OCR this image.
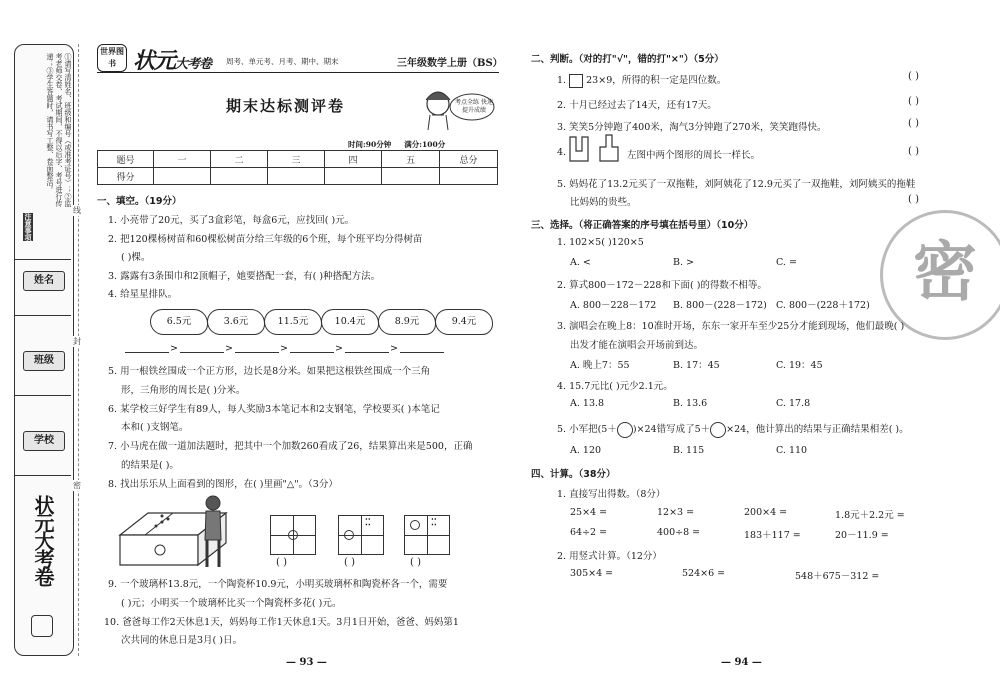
①请写清姓名、班级和编号（或准考证号）；②监考老师交卷、考试期间，不得以后字、考号进行传递；③学生答题时，请书写工整、卷面整洁。
注意事项
姓名
班级
学校
状元大考卷
线
封
密
世界图书 状元大考卷 周考、单元考、月考、期中、期末	三年级数学上册（BS）
期末达标测评卷	考点全练 快速提升成绩
时间:90分钟 满分:100分
题号	一	二	三	四	五	总分
得分						
一、填空。（19分）
1. 小亮带了20元，买了3盒彩笔，每盒6元，应找回( )元。
2. 把120棵杨树苗和60棵松树苗分给三年级的6个班，每个班平均分得树苗
( )棵。
3. 露露有3条围巾和2顶帽子，她要搭配一套，有( )种搭配方法。
4. 给星星排队。
6.5元	3.6元	11.5元	10.4元	8.9元	9.4元
>	>	>	>	>
5. 用一根铁丝围成一个正方形，边长是8分米。如果把这根铁丝围成一个三角
形，三角形的周长是( )分米。
6. 某学校三好学生有89人，每人奖励3本笔记本和2支钢笔，学校要买( )本笔记
本和( )支钢笔。
7. 小马虎在做一道加法题时，把其中一个加数260看成了26，结果算出来是500，正确
的结果是( )。
8. 找出乐乐从上面看到的图形，在( )里画"△"。（3分）
⁚⁚	⁚⁚
( )	( )	( )
9. 一个玻璃杯13.8元，一个陶瓷杯10.9元，小明买玻璃杯和陶瓷杯各一个，需要
( )元；小明买一个玻璃杯比买一个陶瓷杯多花( )元。
10. 爸爸每工作2天休息1天，妈妈每工作1天休息1天。3月1日开始，爸爸、妈妈第1
次共同的休息日是3月( )日。
— 93 —
密
二、判断。（对的打"√"，错的打"×"）（5分）
1. 23×9，所得的积一定是四位数。
2. 十月已经过去了14天，还有17天。
3. 笑笑5分钟跑了400米，淘气3分钟跑了270米，笑笑跑得快。
4.	左图中两个图形的周长一样长。
5. 妈妈花了13.2元买了一双拖鞋，刘阿姨花了12.9元买了一双拖鞋，刘阿姨买的拖鞋
比妈妈的贵些。
( )
( )
( )
( )
( )
三、选择。（将正确答案的序号填在括号里）（10分）
1. 102×5( )120×5
A. <	B. >	C. =
2. 算式800－172－228和下面( )的得数不相等。
A. 800－228－172 B. 800－(228－172) C. 800－(228＋172)
3. 演唱会在晚上8：10准时开场，东东一家开车至少25分才能到现场，他们最晚( )
出发才能在演唱会开场前到达。
A. 晚上7：55	B. 17：45	C. 19：45
4. 15.7元比( )元少2.1元。
A. 13.8	B. 13.6	C. 17.8
5. 小军把(5＋ )×24错写成了5＋ ×24，他计算出的结果与正确结果相差( )。
A. 120	B. 115	C. 110
四、计算。（38分）
1. 直接写出得数。（8分）
25×4 =	12×3 =	200×4 =	1.8元＋2.2元 =
64÷2 =	400÷8 =	183＋117 =	20－11.9 =
2. 用竖式计算。（12分）
305×4 =	524×6 =	548＋675－312 =
— 94 —
